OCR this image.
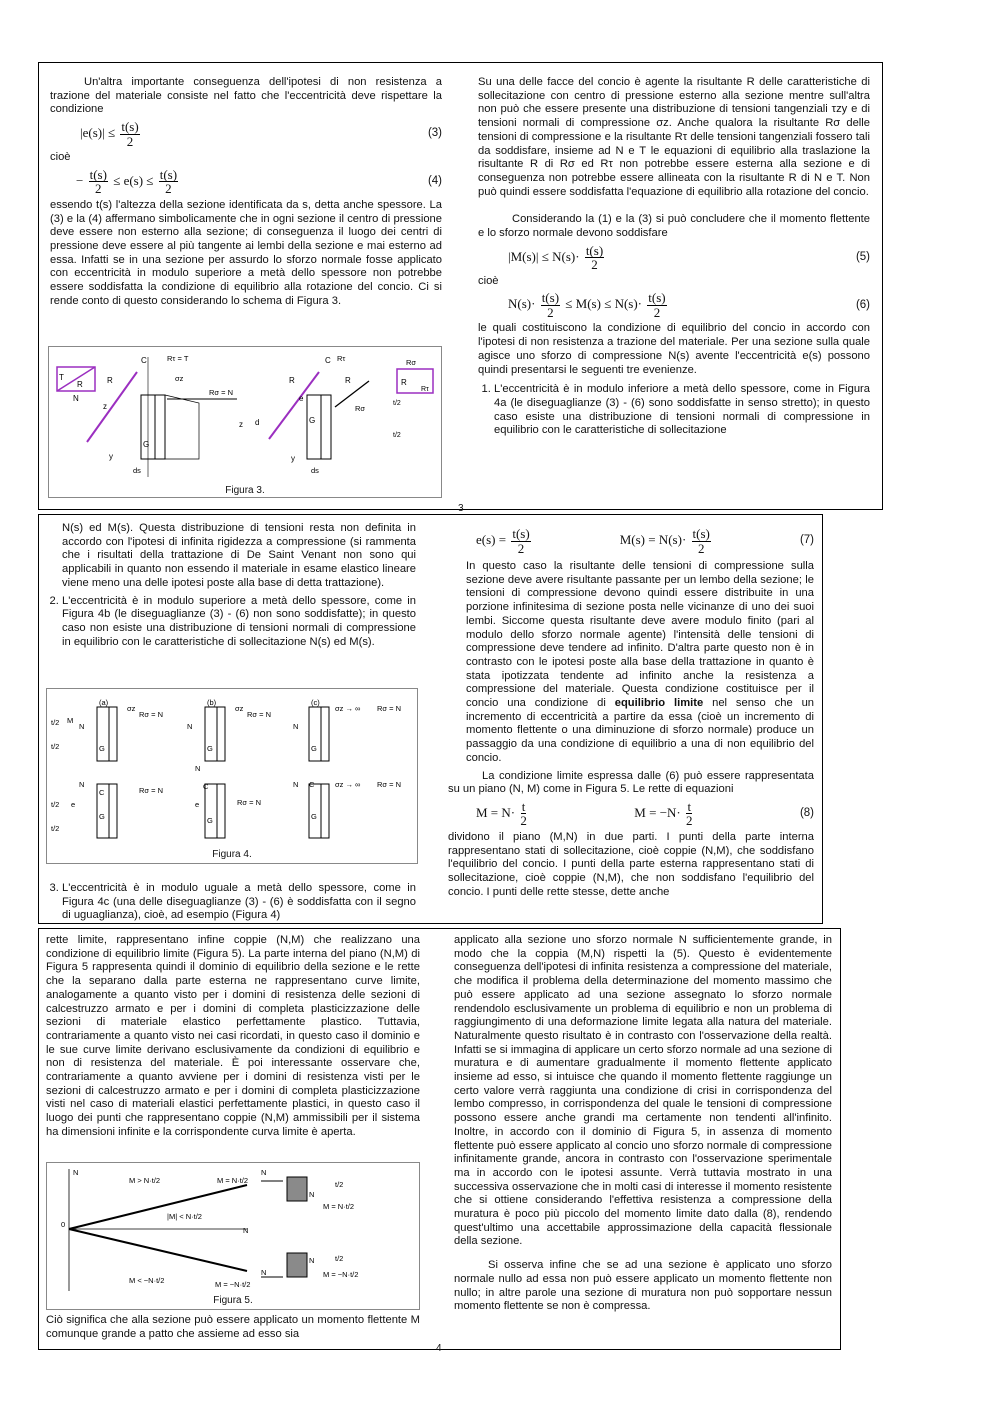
Un'altra importante conseguenza dell'ipotesi di non resistenza a trazione del materiale consiste nel fatto che l'eccentricità deve rispettare la condizione

$|e(s)| \le \frac{t(s)}{2}$	(3)

cioè

− $\frac{t(s)}{2} \le e(s) \le \frac{t(s)}{2}$	(4)

essendo t(s) l'altezza della sezione identificata da s, detta anche spessore. La (3) e la (4) affermano simbolicamente che in ogni sezione il centro di pressione deve essere non esterno alla sezione; di conseguenza il luogo dei centri di pressione deve essere al più tangente ai lembi della sezione e mai esterno ad essa. Infatti se in una sezione per assurdo lo sforzo normale fosse applicato con eccentricità in modulo superiore a metà dello spessore non potrebbe essere soddisfatta la condizione di equilibrio alla rotazione del concio. Ci si rende conto di questo considerando lo schema di Figura 3.

T
R
N
R
C
G
Rτ = T
σz
Rσ = N
z
y
ds
R
C
G
e
Rτ
R
Rσ
t/2
t/2
Rσ
R
Rτ
z d
y
ds
Figura 3.

Su una delle facce del concio è agente la risultante R delle caratteristiche di sollecitazione con centro di pressione esterno alla sezione mentre sull'altra non può che essere presente una distribuzione di tensioni tangenziali τzy e di tensioni normali di compressione σz. Anche qualora la risultante Rσ delle tensioni di compressione e la risultante Rτ delle tensioni tangenziali fossero tali da soddisfare, insieme ad N e T le equazioni di equilibrio alla traslazione la risultante R di Rσ ed Rτ non potrebbe essere esterna alla sezione e di conseguenza non potrebbe essere allineata con la risultante R di N e T. Non può quindi essere soddisfatta l'equazione di equilibrio alla rotazione del concio.

Considerando la (1) e la (3) si può concludere che il momento flettente e lo sforzo normale devono soddisfare

$|M(s)| \le N(s)\cdot \frac{t(s)}{2}$	(5)

cioè

$N(s)\cdot \frac{t(s)}{2} \le M(s) \le N(s)\cdot \frac{t(s)}{2}$	(6)

le quali costituiscono la condizione di equilibrio del concio in accordo con l'ipotesi di non resistenza a trazione del materiale. Per una sezione sulla quale agisce uno sforzo di compressione N(s) avente l'eccentricità e(s) possono quindi presentarsi le seguenti tre evenienze.

1. L'eccentricità è in modulo inferiore a metà dello spessore, come in Figura 4a (le diseguaglianze (3) - (6) sono soddisfatte in senso stretto); in questo caso esiste una distribuzione di tensioni normali di compressione in equilibrio con le caratteristiche di sollecitazione
3

N(s) ed M(s). Questa distribuzione di tensioni resta non definita in accordo con l'ipotesi di infinita rigidezza a compressione (si rammenta che i risultati della trattazione di De Saint Venant non sono qui applicabili in quanto non essendo il materiale in esame elastico lineare viene meno una delle ipotesi poste alla base di detta trattazione).

2. L'eccentricità è in modulo superiore a metà dello spessore, come in Figura 4b (le diseguaglianze (3) - (6) non sono soddisfatte); in questo caso non esiste una distribuzione di tensioni normali di compressione in equilibrio con le caratteristiche di sollecitazione N(s) ed M(s).
(a)	(b)	(c)
G
N
M
σz
Rσ = N
G
N
σz
Rσ = N
G
N
σz → ∞ Rσ = N
t/2
t/2
C
G
N
e
Rσ = N
t/2
t/2
N
C
G
e	Rσ = N
N C
G
σz → ∞ Rσ = N
Figura 4.
3. L'eccentricità è in modulo uguale a metà dello spessore, come in Figura 4c (una delle diseguaglianze (3) - (6) è soddisfatta con il segno di uguaglianza), cioè, ad esempio (Figura 4)
$e(s) = \frac{t(s)}{2}$	$M(s) = N(s)\cdot \frac{t(s)}{2}$	(7)

In questo caso la risultante delle tensioni di compressione sulla sezione deve avere risultante passante per un lembo della sezione; le tensioni di compressione devono quindi essere distribuite in una porzione infinitesima di sezione posta nelle vicinanze di uno dei suoi lembi. Siccome questa risultante deve avere modulo finito (pari al modulo dello sforzo normale agente) l'intensità delle tensioni di compressione deve tendere ad infinito. D'altra parte questo non è in contrasto con le ipotesi poste alla base della trattazione in quanto è stata ipotizzata tendente ad infinito anche la resistenza a compressione del materiale. Questa condizione costituisce per il concio una condizione di equilibrio limite nel senso che un incremento di eccentricità a partire da essa (cioè un incremento di momento flettente o una diminuzione di sforzo normale) produce un passaggio da una condizione di equilibrio a una di non equilibrio del concio.

La condizione limite espressa dalle (6) può essere rappresentata su un piano (N, M) come in Figura 5. Le rette di equazioni

$M = N\cdot \frac{t}{2}$	$M = -N\cdot \frac{t}{2}$	(8)

dividono il piano (M,N) in due parti. I punti della parte interna rappresentano stati di sollecitazione, cioè coppie (N,M), che soddisfano l'equilibrio del concio. I punti della parte esterna rappresentano stati di sollecitazione, cioè coppie (N,M), che non soddisfano l'equilibrio del concio. I punti delle rette stesse, dette anche

rette limite, rappresentano infine coppie (N,M) che realizzano una condizione di equilibrio limite (Figura 5). La parte interna del piano (N,M) di Figura 5 rappresenta quindi il dominio di equilibrio della sezione e le rette che la separano dalla parte esterna ne rappresentano curve limite, analogamente a quanto visto per i domini di resistenza delle sezioni di calcestruzzo armato e per i domini di completa plasticizzazione delle sezioni di materiale elastico perfettamente plastico. Tuttavia, contrariamente a quanto visto nei casi ricordati, in questo caso il dominio e le sue curve limite derivano esclusivamente da condizioni di equilibrio e non di resistenza del materiale. È poi interessante osservare che, contrariamente a quanto avviene per i domini di resistenza visti per le sezioni di calcestruzzo armato e per i domini di completa plasticizzazione visti nel caso di materiali elastici perfettamente plastici, in questo caso il luogo dei punti che rappresentano coppie (N,M) ammissibili per il sistema ha dimensioni infinite e la corrispondente curva limite è aperta.

N
0
N
M > N·t/2	M = N·t/2
|M| < N·t/2
M < −N·t/2	M = −N·t/2
N
N
M = N·t/2
t/2
N
N
M = −N·t/2
t/2
Figura 5.

Ciò significa che alla sezione può essere applicato un momento flettente M comunque grande a patto che assieme ad esso sia

applicato alla sezione uno sforzo normale N sufficientemente grande, in modo che la coppia (M,N) rispetti la (5). Questo è evidentemente conseguenza dell'ipotesi di infinita resistenza a compressione del materiale, che modifica il problema della determinazione del momento massimo che può essere applicato ad una sezione assegnato lo sforzo normale rendendolo esclusivamente un problema di equilibrio e non un problema di raggiungimento di una deformazione limite legata alla natura del materiale. Naturalmente questo risultato è in contrasto con l'osservazione della realtà. Infatti se si immagina di applicare un certo sforzo normale ad una sezione di muratura e di aumentare gradualmente il momento flettente applicato insieme ad esso, si intuisce che quando il momento flettente raggiunge un certo valore verrà raggiunta una condizione di crisi in corrispondenza del lembo compresso, in corrispondenza del quale le tensioni di compressione possono essere anche grandi ma certamente non tendenti all'infinito. Inoltre, in accordo con il dominio di Figura 5, in assenza di momento flettente può essere applicato al concio uno sforzo normale di compressione infinitamente grande, ancora in contrasto con l'osservazione sperimentale ma in accordo con le ipotesi assunte. Verrà tuttavia mostrato in una successiva osservazione che in molti casi di interesse il momento resistente che si ottiene considerando l'effettiva resistenza a compressione della muratura è poco più piccolo del momento limite dato dalla (8), rendendo quest'ultimo una accettabile approssimazione della capacità flessionale della sezione.

Si osserva infine che se ad una sezione è applicato uno sforzo normale nullo ad essa non può essere applicato un momento flettente non nullo; in altre parole una sezione di muratura non può sopportare nessun momento flettente se non è compressa.

4
